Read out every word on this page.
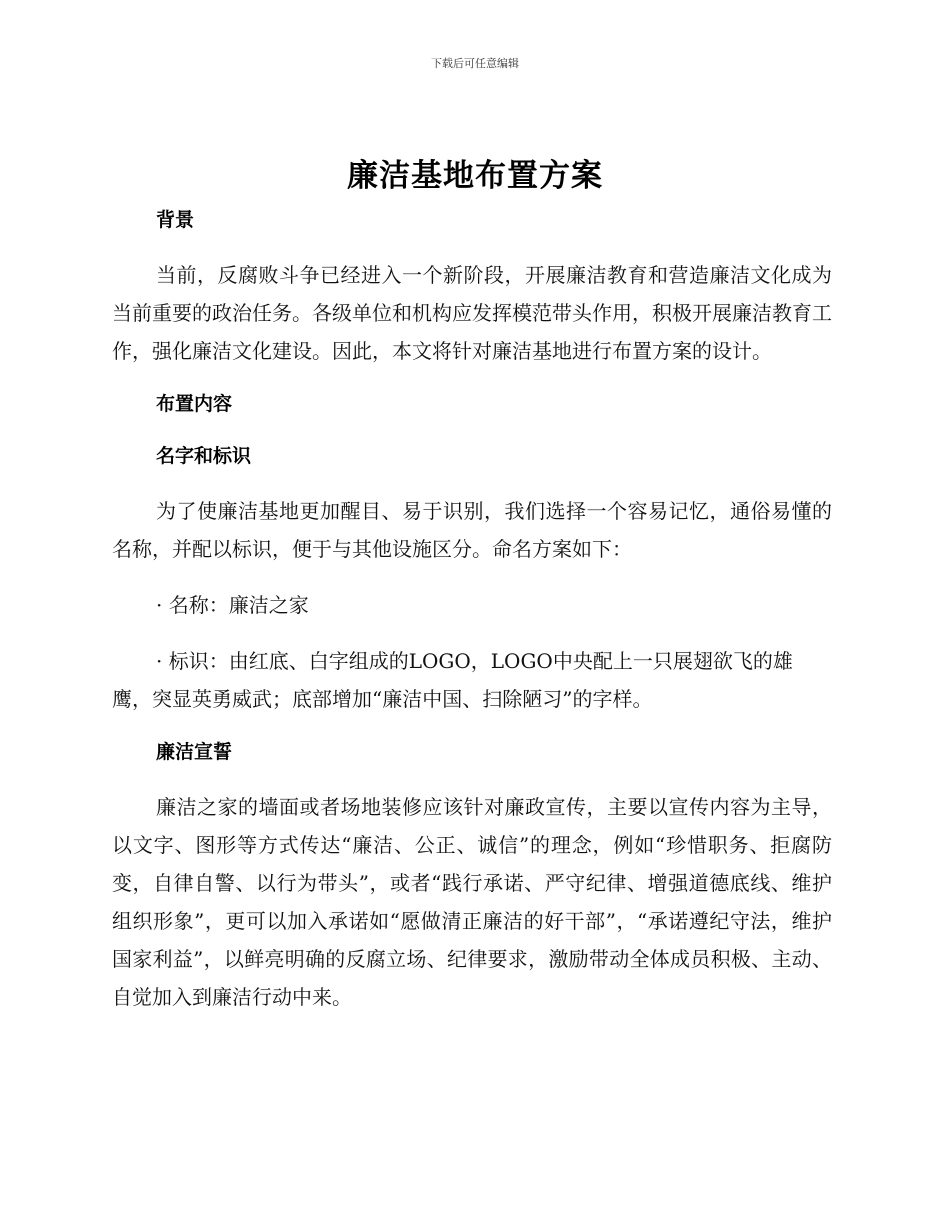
下载后可任意编辑
廉洁基地布置方案
背景

当前，反腐败斗争已经进入一个新阶段，开展廉洁教育和营造廉洁文化成为当前重要的政治任务。各级单位和机构应发挥模范带头作用，积极开展廉洁教育工作，强化廉洁文化建设。因此，本文将针对廉洁基地进行布置方案的设计。

布置内容
名字和标识

为了使廉洁基地更加醒目、易于识别，我们选择一个容易记忆，通俗易懂的名称，并配以标识，便于与其他设施区分。命名方案如下：

· 名称：廉洁之家

· 标识：由红底、白字组成的LOGO，LOGO中央配上一只展翅欲飞的雄鹰，突显英勇威武；底部增加“廉洁中国、扫除陋习”的字样。

廉洁宣誓

廉洁之家的墙面或者场地装修应该针对廉政宣传，主要以宣传内容为主导，以文字、图形等方式传达“廉洁、公正、诚信”的理念，例如“珍惜职务、拒腐防变，自律自警、以行为带头”，或者“践行承诺、严守纪律、增强道德底线、维护组织形象”，更可以加入承诺如“愿做清正廉洁的好干部”，“承诺遵纪守法，维护国家利益”，以鲜亮明确的反腐立场、纪律要求，激励带动全体成员积极、主动、自觉加入到廉洁行动中来。
